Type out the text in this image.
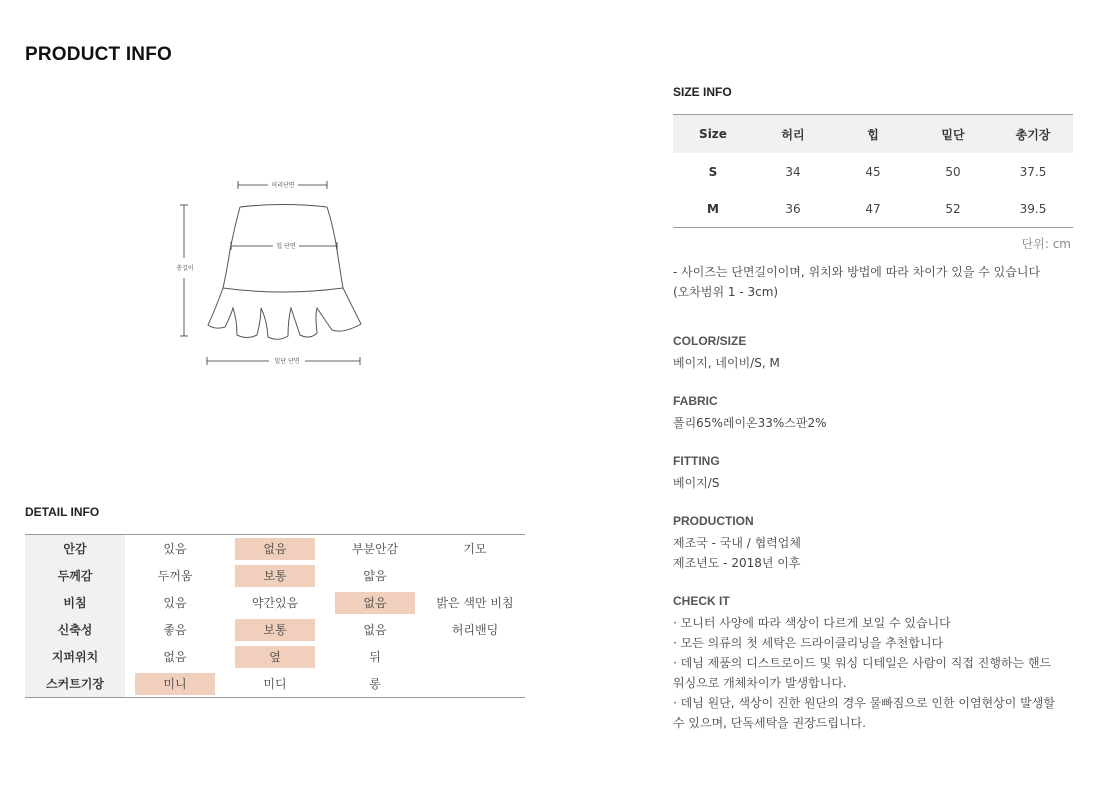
PRODUCT INFO
허리단면
총길이
힙 단면
밑단 단면
DETAIL INFO
안감	있음	없음	부분안감	기모
두께감	두꺼움	보통	얇음	
비침	있음	약간있음	없음	밝은 색만 비침
신축성	좋음	보통	없음	허리밴딩
지퍼위치	없음	옆	뒤	
스커트기장	미니	미디	롱	
SIZE INFO
Size	허리	힙	밑단	총기장
S	34	45	50	37.5
M	36	47	52	39.5
단위: cm
- 사이즈는 단면길이이며, 위치와 방법에 따라 차이가 있을 수 있습니다
(오차범위 1 - 3cm)

COLOR/SIZE

베이지, 네이비/S, M

FABRIC

폴리65%레이온33%스판2%

FITTING

베이지/S

PRODUCTION

제조국 - 국내 / 협력업체

제조년도 - 2018년 이후

CHECK IT

· 모니터 사양에 따라 색상이 다르게 보일 수 있습니다

· 모든 의류의 첫 세탁은 드라이클리닝을 추천합니다

· 데님 제품의 디스트로이드 및 워싱 디테일은 사람이 직접 진행하는 핸드

워싱으로 개체차이가 발생합니다.

· 데님 원단, 색상이 진한 원단의 경우 물빠짐으로 인한 이염현상이 발생할

수 있으며, 단독세탁을 권장드립니다.
